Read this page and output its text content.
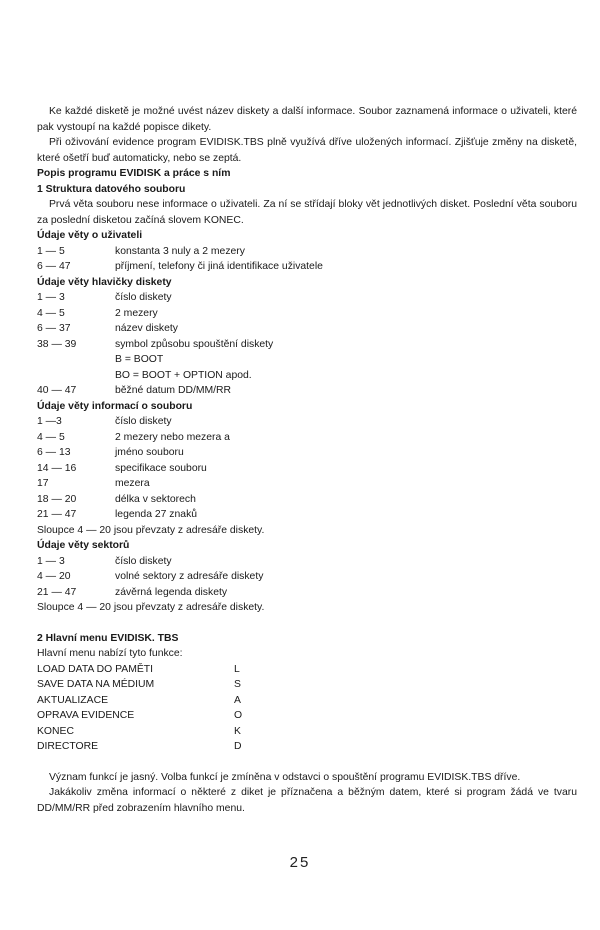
Ke každé disketě je možné uvést název diskety a další informace. Soubor zaznamená informace o uživateli, které pak vystoupí na každé popisce dikety.

Při oživování evidence program EVIDISK.TBS plně využívá dříve uložených informací. Zjišťuje změny na disketě, které ošetří buď automaticky, nebo se zeptá.

Popis programu EVIDISK a práce s ním

1 Struktura datového souboru

Prvá věta souboru nese informace o uživateli. Za ní se střídají bloky vět jednotlivých disket. Poslední věta souboru za poslední disketou začíná slovem KONEC.

Údaje věty o uživateli

1 — 5	konstanta 3 nuly a 2 mezery
6 — 47	příjmení, telefony či jiná identifikace uživatele

Údaje věty hlavičky diskety

1 — 3	číslo diskety
4 — 5	2 mezery
6 — 37	název diskety
38 — 39	symbol způsobu spouštění diskety
B = BOOT
BO = BOOT + OPTION apod.
40 — 47	běžné datum DD/MM/RR

Údaje věty informací o souboru

1 —3	číslo diskety
4 — 5	2 mezery nebo mezera a
6 — 13	jméno souboru
14 — 16	specifikace souboru
17	mezera
18 — 20	délka v sektorech
21 — 47	legenda 27 znaků

Sloupce 4 — 20 jsou převzaty z adresáře diskety.

Údaje věty sektorů

1 — 3	číslo diskety
4 — 20	volné sektory z adresáře diskety
21 — 47	závěrná legenda diskety

Sloupce 4 — 20 jsou převzaty z adresáře diskety.

2 Hlavní menu EVIDISK. TBS

Hlavní menu nabízí tyto funkce:

LOAD DATA DO PAMĚTI	L
SAVE DATA NA MÉDIUM	S
AKTUALIZACE	A
OPRAVA EVIDENCE	O
KONEC	K
DIRECTORE	D

Význam funkcí je jasný. Volba funkcí je zmíněna v odstavci o spouštění programu EVIDISK.TBS dříve.

Jakákoliv změna informací o některé z diket je příznačena a běžným datem, které si program žádá ve tvaru DD/MM/RR před zobrazením hlavního menu.

25
